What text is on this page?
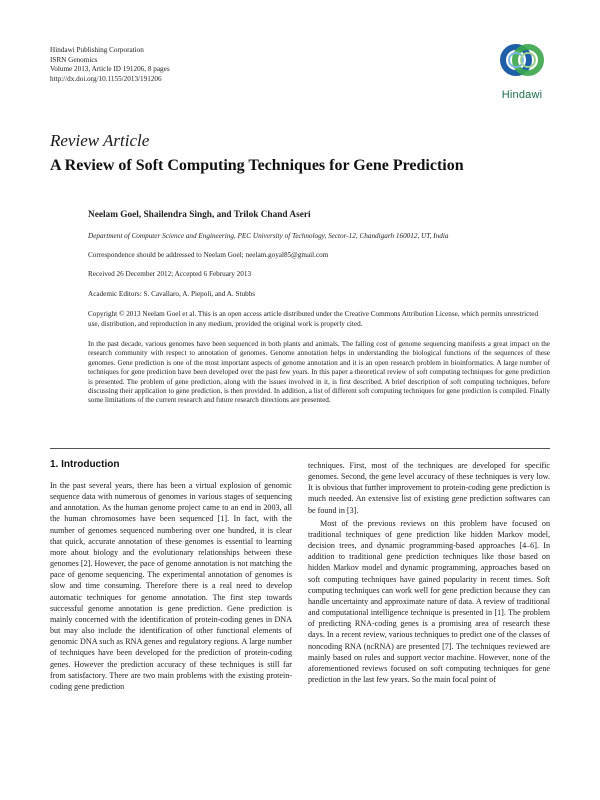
Hindawi Publishing Corporation
ISRN Genomics
Volume 2013, Article ID 191206, 8 pages
http://dx.doi.org/10.1155/2013/191206
Hindawi
Review Article
A Review of Soft Computing Techniques for Gene Prediction
Neelam Goel, Shailendra Singh, and Trilok Chand Aseri
Department of Computer Science and Engineering, PEC University of Technology, Sector-12, Chandigarh 160012, UT, India
Correspondence should be addressed to Neelam Goel; neelam.goyal85@gmail.com
Received 26 December 2012; Accepted 6 February 2013
Academic Editors: S. Cavallaro, A. Piepoli, and A. Stubbs
Copyright © 2013 Neelam Goel et al. This is an open access article distributed under the Creative Commons Attribution License, which permits unrestricted use, distribution, and reproduction in any medium, provided the original work is properly cited.
In the past decade, various genomes have been sequenced in both plants and animals. The falling cost of genome sequencing manifests a great impact on the research community with respect to annotation of genomes. Genome annotation helps in understanding the biological functions of the sequences of these genomes. Gene prediction is one of the most important aspects of genome annotation and it is an open research problem in bioinformatics. A large number of techniques for gene prediction have been developed over the past few years. In this paper a theoretical review of soft computing techniques for gene prediction is presented. The problem of gene prediction, along with the issues involved in it, is first described. A brief description of soft computing techniques, before discussing their application to gene prediction, is then provided. In addition, a list of different soft computing techniques for gene prediction is compiled. Finally some limitations of the current research and future research directions are presented.
1. Introduction

In the past several years, there has been a virtual explosion of genomic sequence data with numerous of genomes in various stages of sequencing and annotation. As the human genome project came to an end in 2003, all the human chromosomes have been sequenced [1]. In fact, with the number of genomes sequenced numbering over one hundred, it is clear that quick, accurate annotation of these genomes is essential to learning more about biology and the evolutionary relationships between these genomes [2]. However, the pace of genome annotation is not matching the pace of genome sequencing. The experimental annotation of genomes is slow and time consuming. Therefore there is a real need to develop automatic techniques for genome annotation. The first step towards successful genome annotation is gene prediction. Gene prediction is mainly concerned with the identification of protein-coding genes in DNA but may also include the identification of other functional elements of genomic DNA such as RNA genes and regulatory regions. A large number of techniques have been developed for the prediction of protein-coding genes. However the prediction accuracy of these techniques is still far from satisfactory. There are two main problems with the existing protein-coding gene prediction

techniques. First, most of the techniques are developed for specific genomes. Second, the gene level accuracy of these techniques is very low. It is obvious that further improvement to protein-coding gene prediction is much needed. An extensive list of existing gene prediction softwares can be found in [3].

Most of the previous reviews on this problem have focused on traditional techniques of gene prediction like hidden Markov model, decision trees, and dynamic programming-based approaches [4–6]. In addition to traditional gene prediction techniques like those based on hidden Markov model and dynamic programming, approaches based on soft computing techniques have gained popularity in recent times. Soft computing techniques can work well for gene prediction because they can handle uncertainty and approximate nature of data. A review of traditional and computational intelligence technique is presented in [1]. The problem of predicting RNA-coding genes is a promising area of research these days. In a recent review, various techniques to predict one of the classes of noncoding RNA (ncRNA) are presented [7]. The techniques reviewed are mainly based on rules and support vector machine. However, none of the aforementioned reviews focused on soft computing techniques for gene prediction in the last few years. So the main focal point of
